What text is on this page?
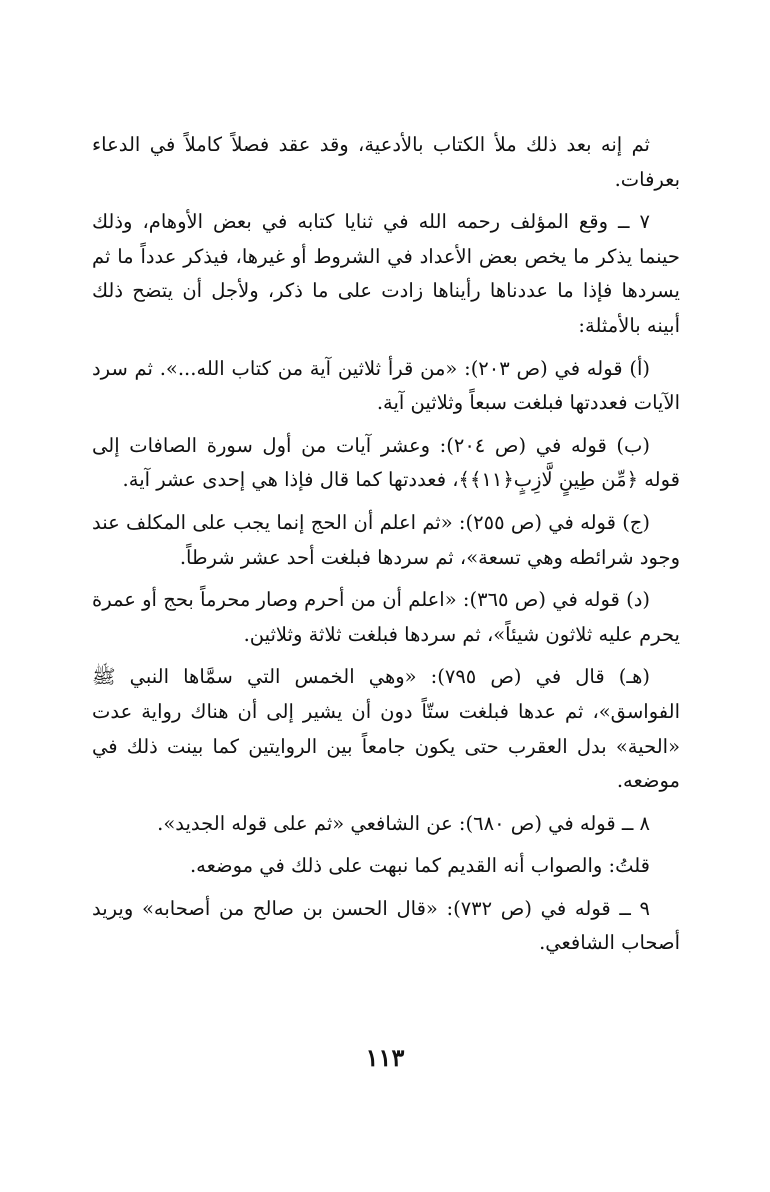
ثم إنه بعد ذلك ملأ الكتاب بالأدعية، وقد عقد فصلاً كاملاً في الدعاء بعرفات.

٧ ــ وقع المؤلف رحمه الله في ثنايا كتابه في بعض الأوهام، وذلك حينما يذكر ما يخص بعض الأعداد في الشروط أو غيرها، فيذكر عدداً ما ثم يسردها فإذا ما عددناها رأيناها زادت على ما ذكر، ولأجل أن يتضح ذلك أبينه بالأمثلة:

(أ) قوله في (ص ٢٠٣): «من قرأ ثلاثين آية من كتاب الله...». ثم سرد الآيات فعددتها فبلغت سبعاً وثلاثين آية.

(ب) قوله في (ص ٢٠٤): وعشر آيات من أول سورة الصافات إلى قوله ﴿مِّن طِينٍ لَّازِبٍ﴿١١﴾﴾، فعددتها كما قال فإذا هي إحدى عشر آية.

(ج) قوله في (ص ٢٥٥): «ثم اعلم أن الحج إنما يجب على المكلف عند وجود شرائطه وهي تسعة»، ثم سردها فبلغت أحد عشر شرطاً.

(د) قوله في (ص ٣٦٥): «اعلم أن من أحرم وصار محرماً بحج أو عمرة يحرم عليه ثلاثون شيئاً»، ثم سردها فبلغت ثلاثة وثلاثين.

(هـ) قال في (ص ٧٩٥): «وهي الخمس التي سمَّاها النبي ﷺ الفواسق»، ثم عدها فبلغت ستّاً دون أن يشير إلى أن هناك رواية عدت «الحية» بدل العقرب حتى يكون جامعاً بين الروايتين كما بينت ذلك في موضعه.

٨ ــ قوله في (ص ٦٨٠): عن الشافعي «ثم على قوله الجديد».

قلتُ: والصواب أنه القديم كما نبهت على ذلك في موضعه.

٩ ــ قوله في (ص ٧٣٢): «قال الحسن بن صالح من أصحابه» ويريد أصحاب الشافعي.

١١٣
